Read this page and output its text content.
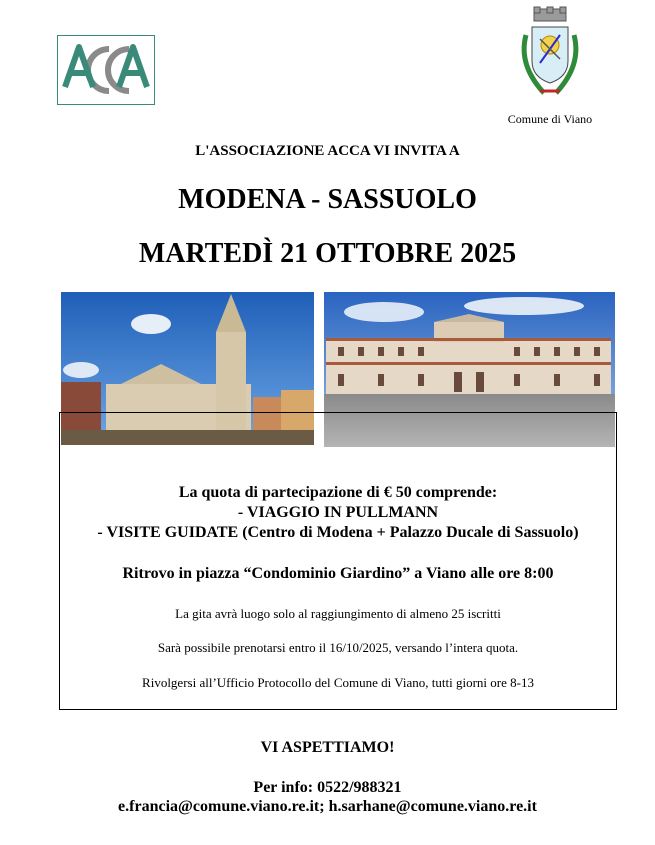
Comune di Viano
L'ASSOCIAZIONE ACCA VI INVITA A
MODENA - SASSUOLO
MARTEDÌ 21 OTTOBRE 2025
La quota di partecipazione di € 50 comprende:
- VIAGGIO IN PULLMANN
- VISITE GUIDATE (Centro di Modena + Palazzo Ducale di Sassuolo)
Ritrovo in piazza “Condominio Giardino” a Viano alle ore 8:00
La gita avrà luogo solo al raggiungimento di almeno 25 iscritti
Sarà possibile prenotarsi entro il 16/10/2025, versando l’intera quota.
Rivolgersi all’Ufficio Protocollo del Comune di Viano, tutti giorni ore 8-13
VI ASPETTIAMO!
Per info: 0522/988321
e.francia@comune.viano.re.it; h.sarhane@comune.viano.re.it
